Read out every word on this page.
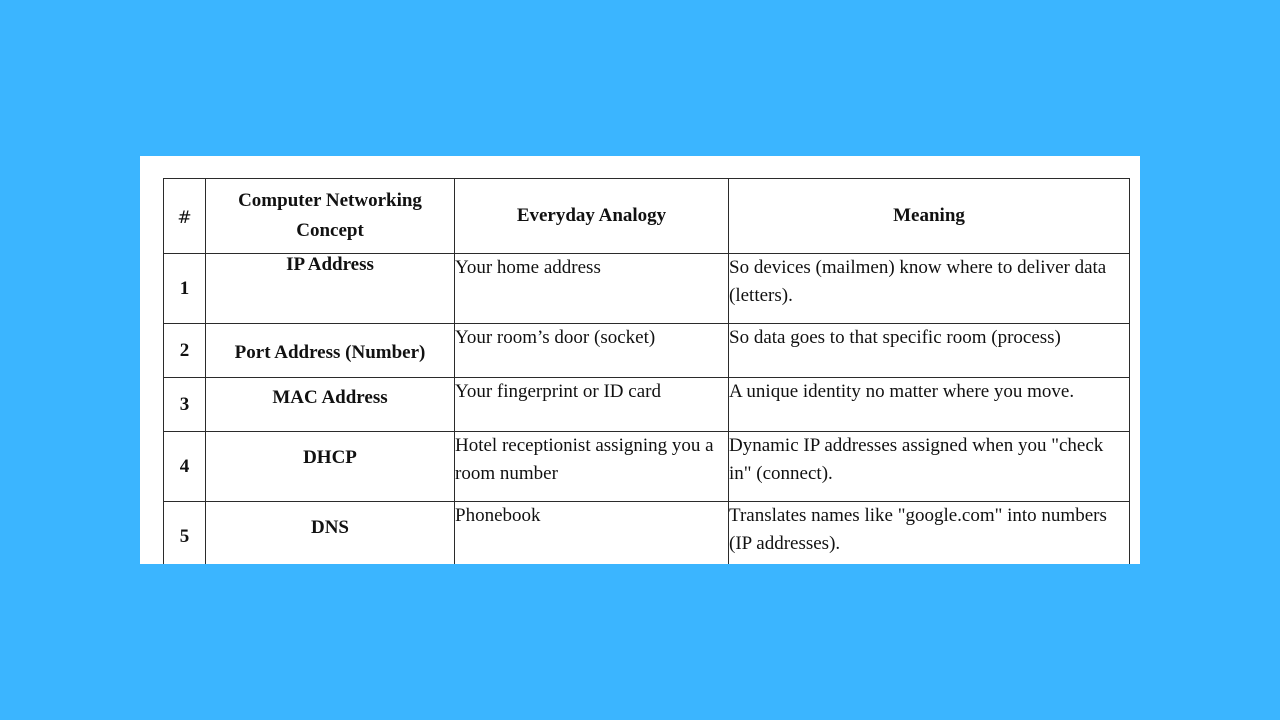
#	Computer Networking Concept	Everyday Analogy	Meaning
1	IP Address	Your home address	So devices (mailmen) know where to deliver data (letters).
2	Port Address (Number)	Your room’s door (socket)	So data goes to that specific room (process)
3	MAC Address	Your fingerprint or ID card	A unique identity no matter where you move.
4	DHCP	Hotel receptionist assigning you a room number	Dynamic IP addresses assigned when you "check in" (connect).
5	DNS	Phonebook	Translates names like "google.com" into numbers (IP addresses).
